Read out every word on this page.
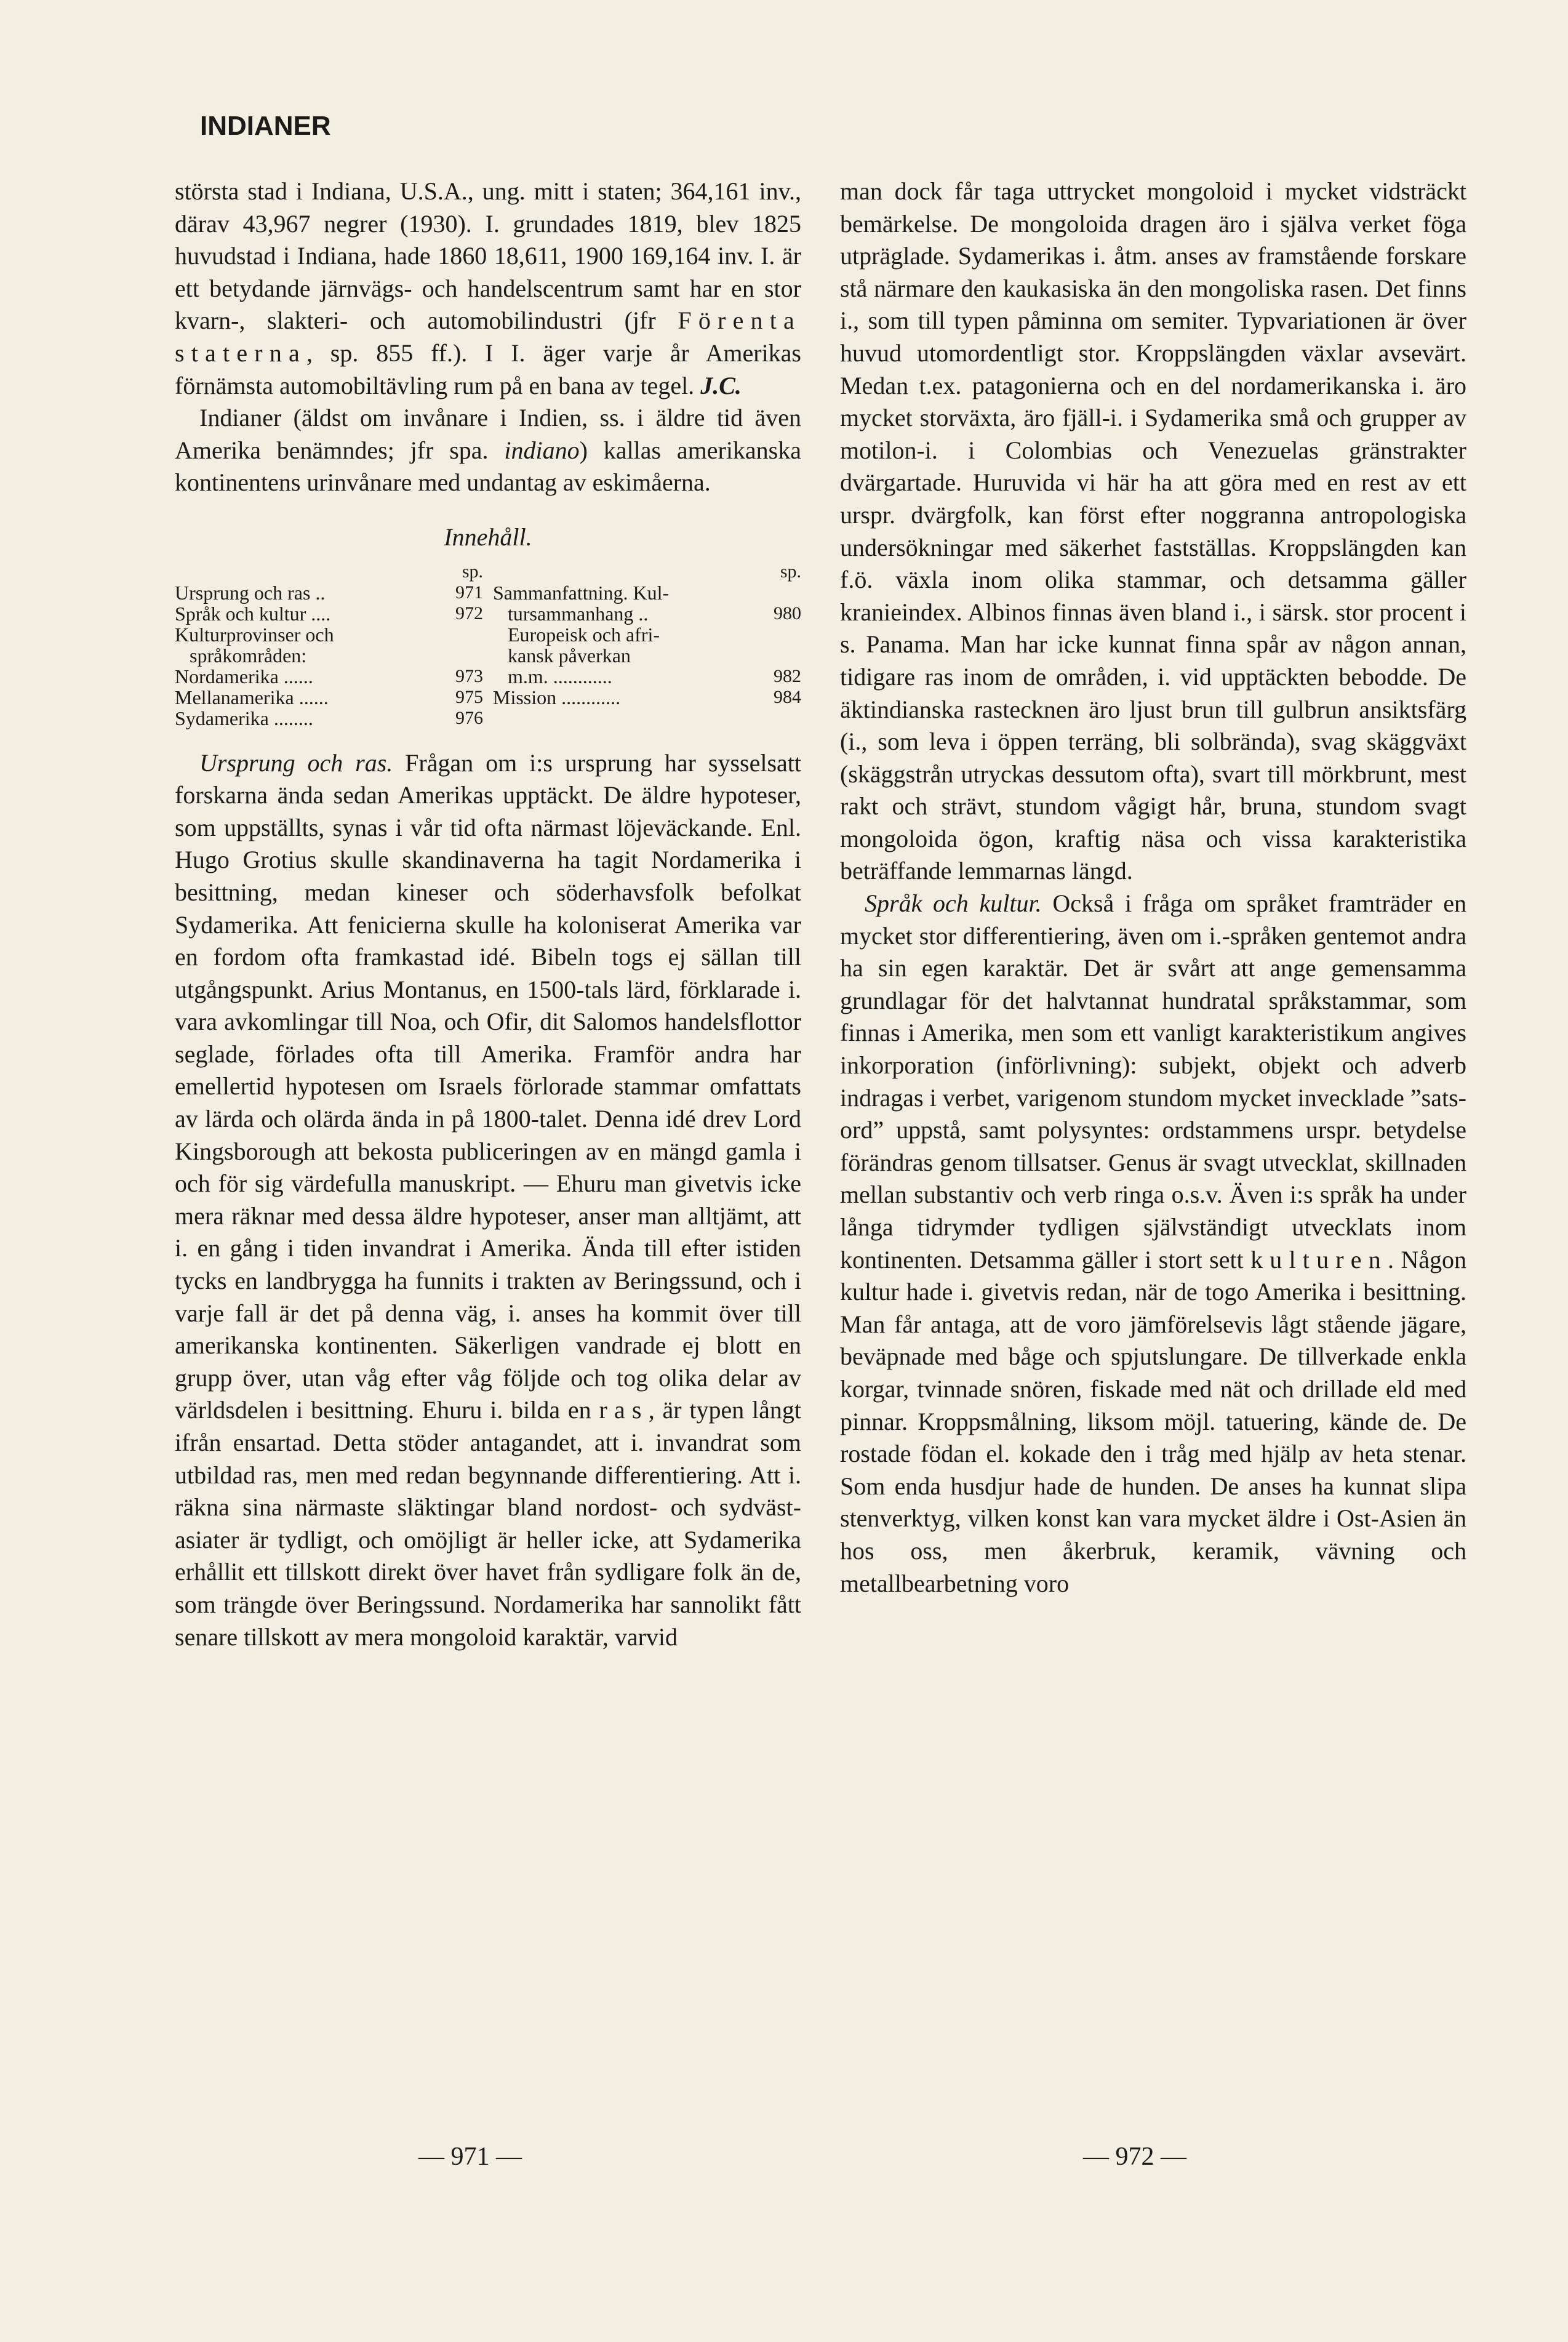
INDIANER

största stad i Indiana, U.S.A., ung. mitt i staten; 364,161 inv., därav 43,967 negrer (1930). I. grundades 1819, blev 1825 huvudstad i Indiana, hade 1860 18,611, 1900 169,164 inv. I. är ett betydande järnvägs- och handelscentrum samt har en stor kvarn-, slakteri- och automobilindustri (jfr Förenta staterna, sp. 855 ff.). I I. äger varje år Amerikas förnämsta automobiltävling rum på en bana av tegel. J.C.

Indianer (äldst om invånare i Indien, ss. i äldre tid även Amerika benämndes; jfr spa. indiano) kallas amerikanska kontinentens urinvånare med undantag av eskimåerna.

Innehåll.
	sp.			sp.
Ursprung och ras ..	971		Sammanfattning. Kul-	
Språk och kultur ....	972		tursammanhang ..	980
Kulturprovinser och			Europeisk och afri-	
språkområden:			kansk påverkan	
Nordamerika ......	973		m.m. ............	982
Mellanamerika ......	975		Mission ............	984
Sydamerika ........	976			

Ursprung och ras. Frågan om i:s ursprung har sysselsatt forskarna ända sedan Amerikas upptäckt. De äldre hypoteser, som uppställts, synas i vår tid ofta närmast löjeväckande. Enl. Hugo Grotius skulle skandinaverna ha tagit Nordamerika i besittning, medan kineser och söderhavsfolk befolkat Sydamerika. Att fenicierna skulle ha koloniserat Amerika var en fordom ofta framkastad idé. Bibeln togs ej sällan till utgångspunkt. Arius Montanus, en 1500-tals lärd, förklarade i. vara avkomlingar till Noa, och Ofir, dit Salomos handelsflottor seglade, förlades ofta till Amerika. Framför andra har emellertid hypotesen om Israels förlorade stammar omfattats av lärda och olärda ända in på 1800-talet. Denna idé drev Lord Kingsborough att bekosta publiceringen av en mängd gamla i och för sig värdefulla manuskript. — Ehuru man givetvis icke mera räknar med dessa äldre hypoteser, anser man alltjämt, att i. en gång i tiden invandrat i Amerika. Ända till efter istiden tycks en landbrygga ha funnits i trakten av Beringssund, och i varje fall är det på denna väg, i. anses ha kommit över till amerikanska kontinenten. Säkerligen vandrade ej blott en grupp över, utan våg efter våg följde och tog olika delar av världsdelen i besittning. Ehuru i. bilda en ras, är typen långt ifrån ensartad. Detta stöder antagandet, att i. invandrat som utbildad ras, men med redan begynnande differentiering. Att i. räkna sina närmaste släktingar bland nordost- och sydväst-asiater är tydligt, och omöjligt är heller icke, att Sydamerika erhållit ett tillskott direkt över havet från sydligare folk än de, som trängde över Beringssund. Nordamerika har sannolikt fått senare tillskott av mera mongoloid karaktär, varvid

man dock får taga uttrycket mongoloid i mycket vidsträckt bemärkelse. De mongoloida dragen äro i själva verket föga utpräglade. Sydamerikas i. åtm. anses av framstående forskare stå närmare den kaukasiska än den mongoliska rasen. Det finns i., som till typen påminna om semiter. Typvariationen är över huvud utomordentligt stor. Kroppslängden växlar avsevärt. Medan t.ex. patagonierna och en del nordamerikanska i. äro mycket storväxta, äro fjäll-i. i Sydamerika små och grupper av motilon-i. i Colombias och Venezuelas gränstrakter dvärgartade. Huruvida vi här ha att göra med en rest av ett urspr. dvärgfolk, kan först efter noggranna antropologiska undersökningar med säkerhet fastställas. Kroppslängden kan f.ö. växla inom olika stammar, och detsamma gäller kranieindex. Albinos finnas även bland i., i särsk. stor procent i s. Panama. Man har icke kunnat finna spår av någon annan, tidigare ras inom de områden, i. vid upptäckten bebodde. De äktindianska rastecknen äro ljust brun till gulbrun ansiktsfärg (i., som leva i öppen terräng, bli solbrända), svag skäggväxt (skäggstrån utryckas dessutom ofta), svart till mörkbrunt, mest rakt och strävt, stundom vågigt hår, bruna, stundom svagt mongoloida ögon, kraftig näsa och vissa karakteristika beträffande lemmarnas längd.

Språk och kultur. Också i fråga om språket framträder en mycket stor differentiering, även om i.-språken gentemot andra ha sin egen karaktär. Det är svårt att ange gemensamma grundlagar för det halvtannat hundratal språkstammar, som finnas i Amerika, men som ett vanligt karakteristikum angives inkorporation (införlivning): subjekt, objekt och adverb indragas i verbet, varigenom stundom mycket invecklade ”sats-ord” uppstå, samt polysyntes: ordstammens urspr. betydelse förändras genom tillsatser. Genus är svagt utvecklat, skillnaden mellan substantiv och verb ringa o.s.v. Även i:s språk ha under långa tidrymder tydligen självständigt utvecklats inom kontinenten. Detsamma gäller i stort sett kulturen. Någon kultur hade i. givetvis redan, när de togo Amerika i besittning. Man får antaga, att de voro jämförelsevis lågt stående jägare, beväpnade med båge och spjutslungare. De tillverkade enkla korgar, tvinnade snören, fiskade med nät och drillade eld med pinnar. Kroppsmålning, liksom möjl. tatuering, kände de. De rostade födan el. kokade den i tråg med hjälp av heta stenar. Som enda husdjur hade de hunden. De anses ha kunnat slipa stenverktyg, vilken konst kan vara mycket äldre i Ost-Asien än hos oss, men åkerbruk, keramik, vävning och metallbearbetning voro

— 971 —	— 972 —
